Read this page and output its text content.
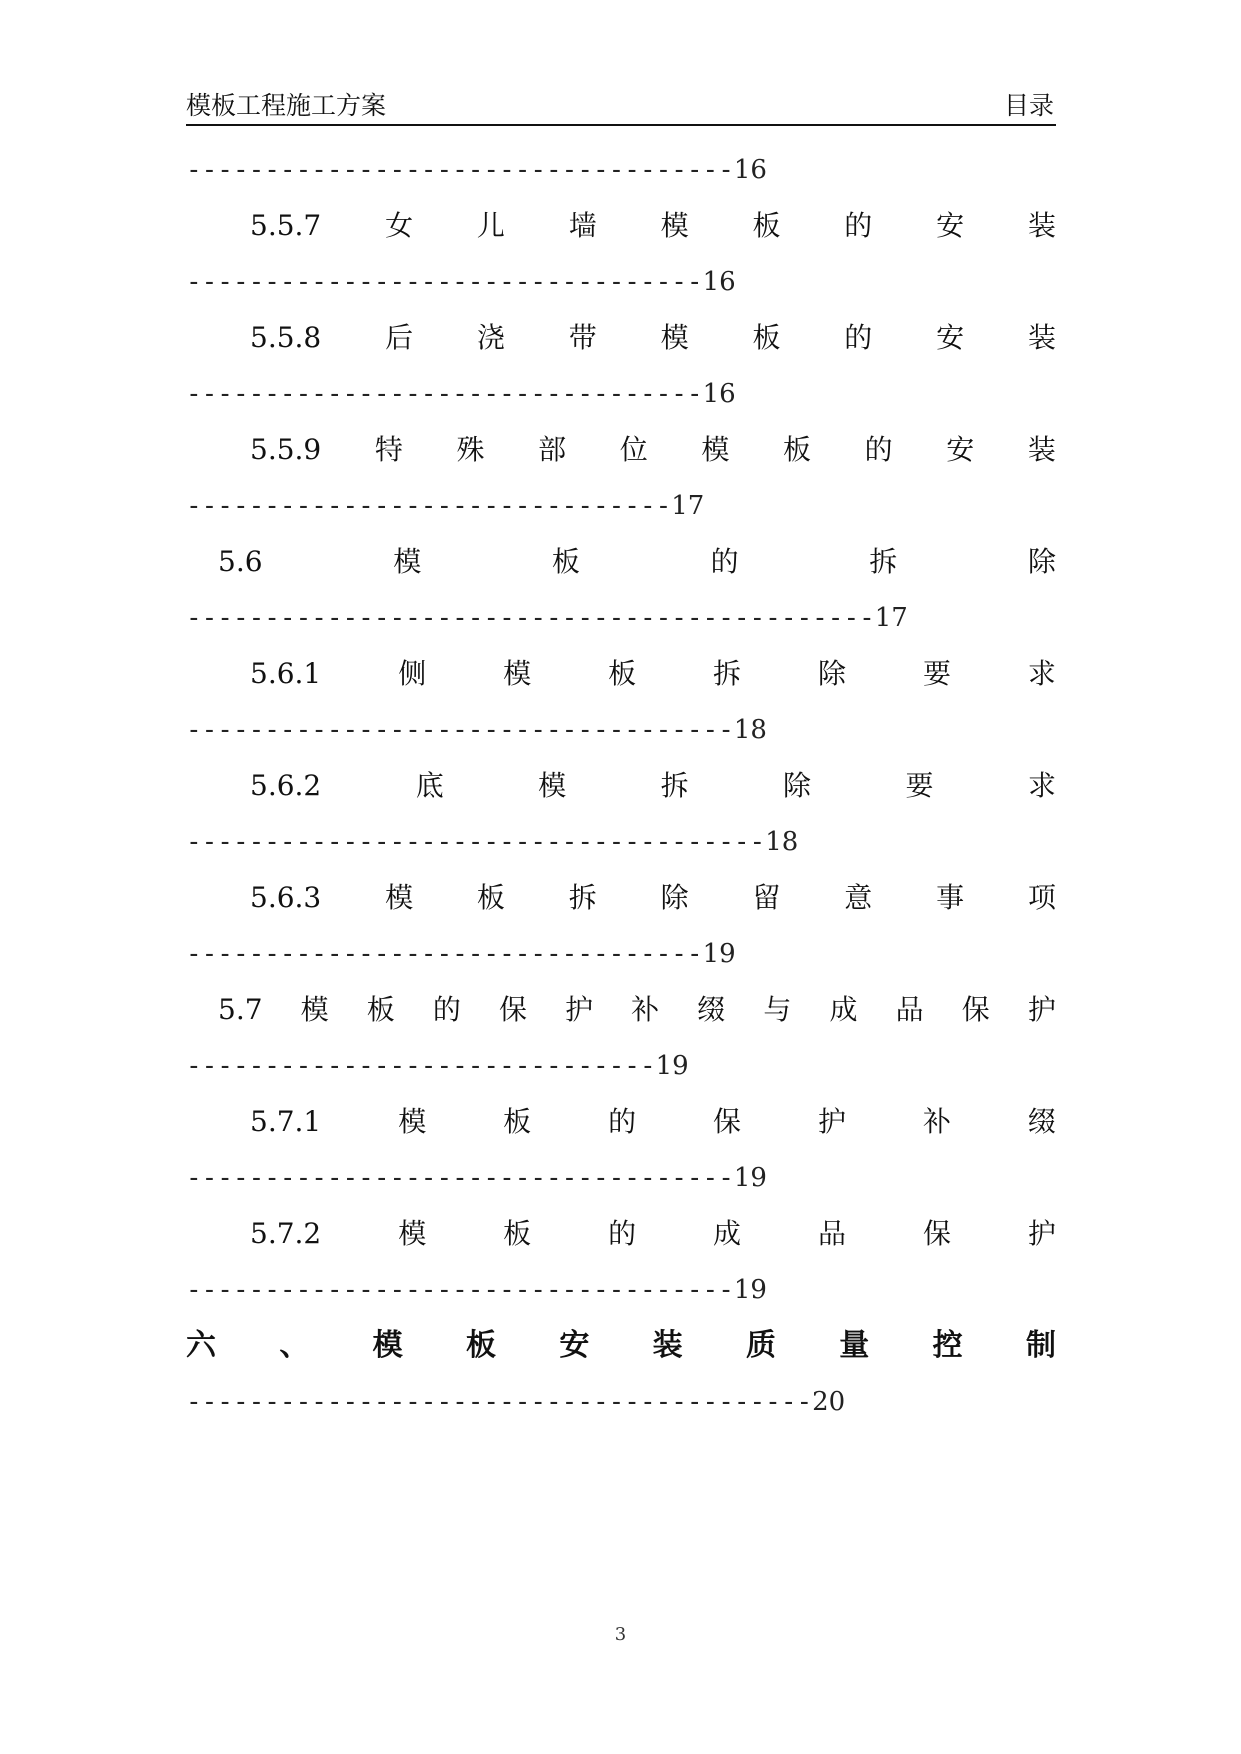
模板工程施工方案	目录
-----------------------------------16
5.5.7 女 儿 墙 模 板 的 安 装
---------------------------------16
5.5.8 后 浇 带 模 板 的 安 装
---------------------------------16
5.5.9 特 殊 部 位 模 板 的 安 装
-------------------------------17
5.6	模	板	的	拆	除
--------------------------------------------17
5.6.1	侧	模	板	拆	除	要	求
-----------------------------------18
5.6.2	底	模	拆	除	要	求
-------------------------------------18
5.6.3 模 板 拆 除 留 意 事 项
---------------------------------19
5.7 模 板 的 保 护 补 缀 与 成 品 保 护
------------------------------19
5.7.1	模	板	的	保	护	补	缀
-----------------------------------19
5.7.2	模	板	的	成	品	保	护
-----------------------------------19
六 、 模 板 安 装 质 量 控 制
----------------------------------------20
3
